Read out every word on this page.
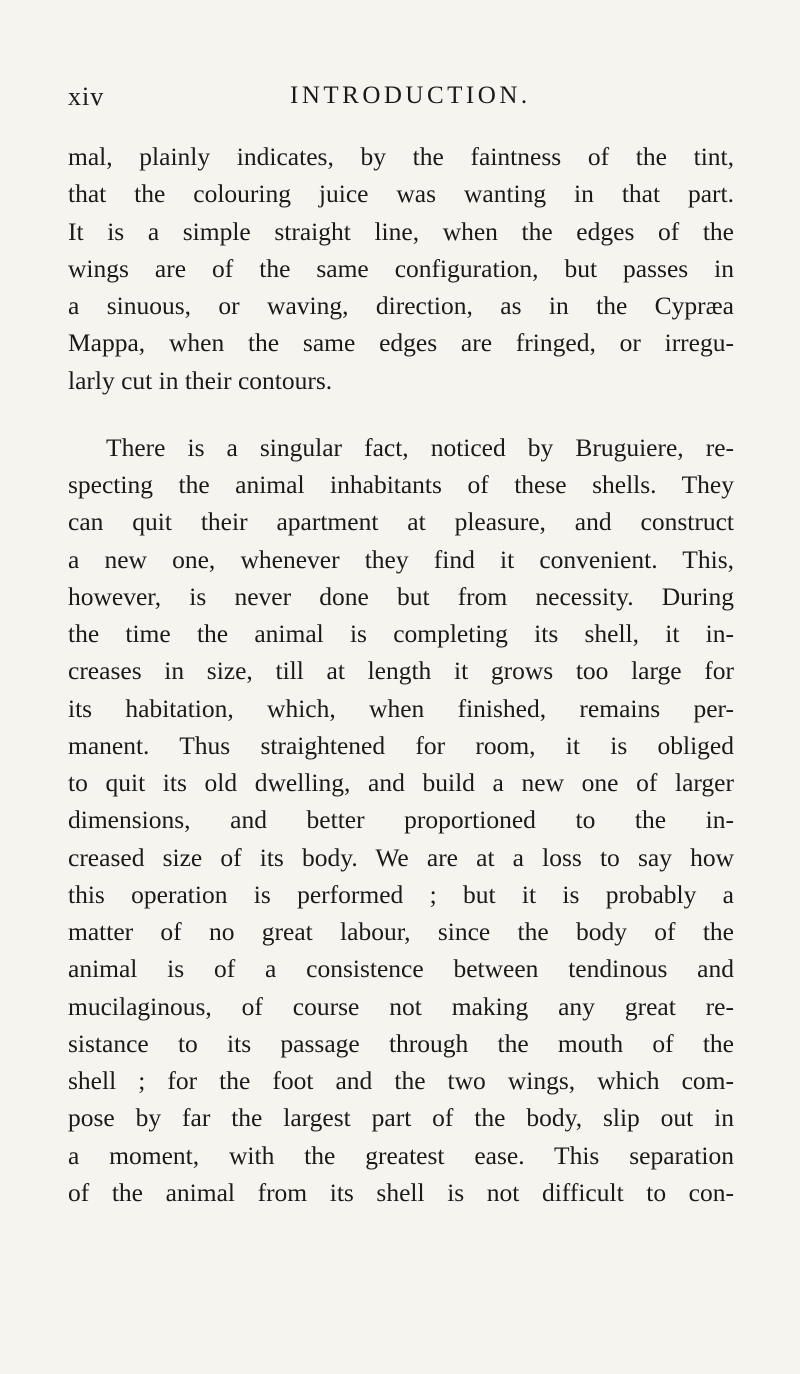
xiv	INTRODUCTION.
mal, plainly indicates, by the faintness of the tint,
that the colouring juice was wanting in that part.
It is a simple straight line, when the edges of the
wings are of the same configuration, but passes in
a sinuous, or waving, direction, as in the Cypræa
Mappa, when the same edges are fringed, or irregu-
larly cut in their contours.
There is a singular fact, noticed by Bruguiere, re-
specting the animal inhabitants of these shells. They
can quit their apartment at pleasure, and construct
a new one, whenever they find it convenient. This,
however, is never done but from necessity. During
the time the animal is completing its shell, it in-
creases in size, till at length it grows too large for
its habitation, which, when finished, remains per-
manent. Thus straightened for room, it is obliged
to quit its old dwelling, and build a new one of larger
dimensions, and better proportioned to the in-
creased size of its body. We are at a loss to say how
this operation is performed ; but it is probably a
matter of no great labour, since the body of the
animal is of a consistence between tendinous and
mucilaginous, of course not making any great re-
sistance to its passage through the mouth of the
shell ; for the foot and the two wings, which com-
pose by far the largest part of the body, slip out in
a moment, with the greatest ease. This separation
of the animal from its shell is not difficult to con-
